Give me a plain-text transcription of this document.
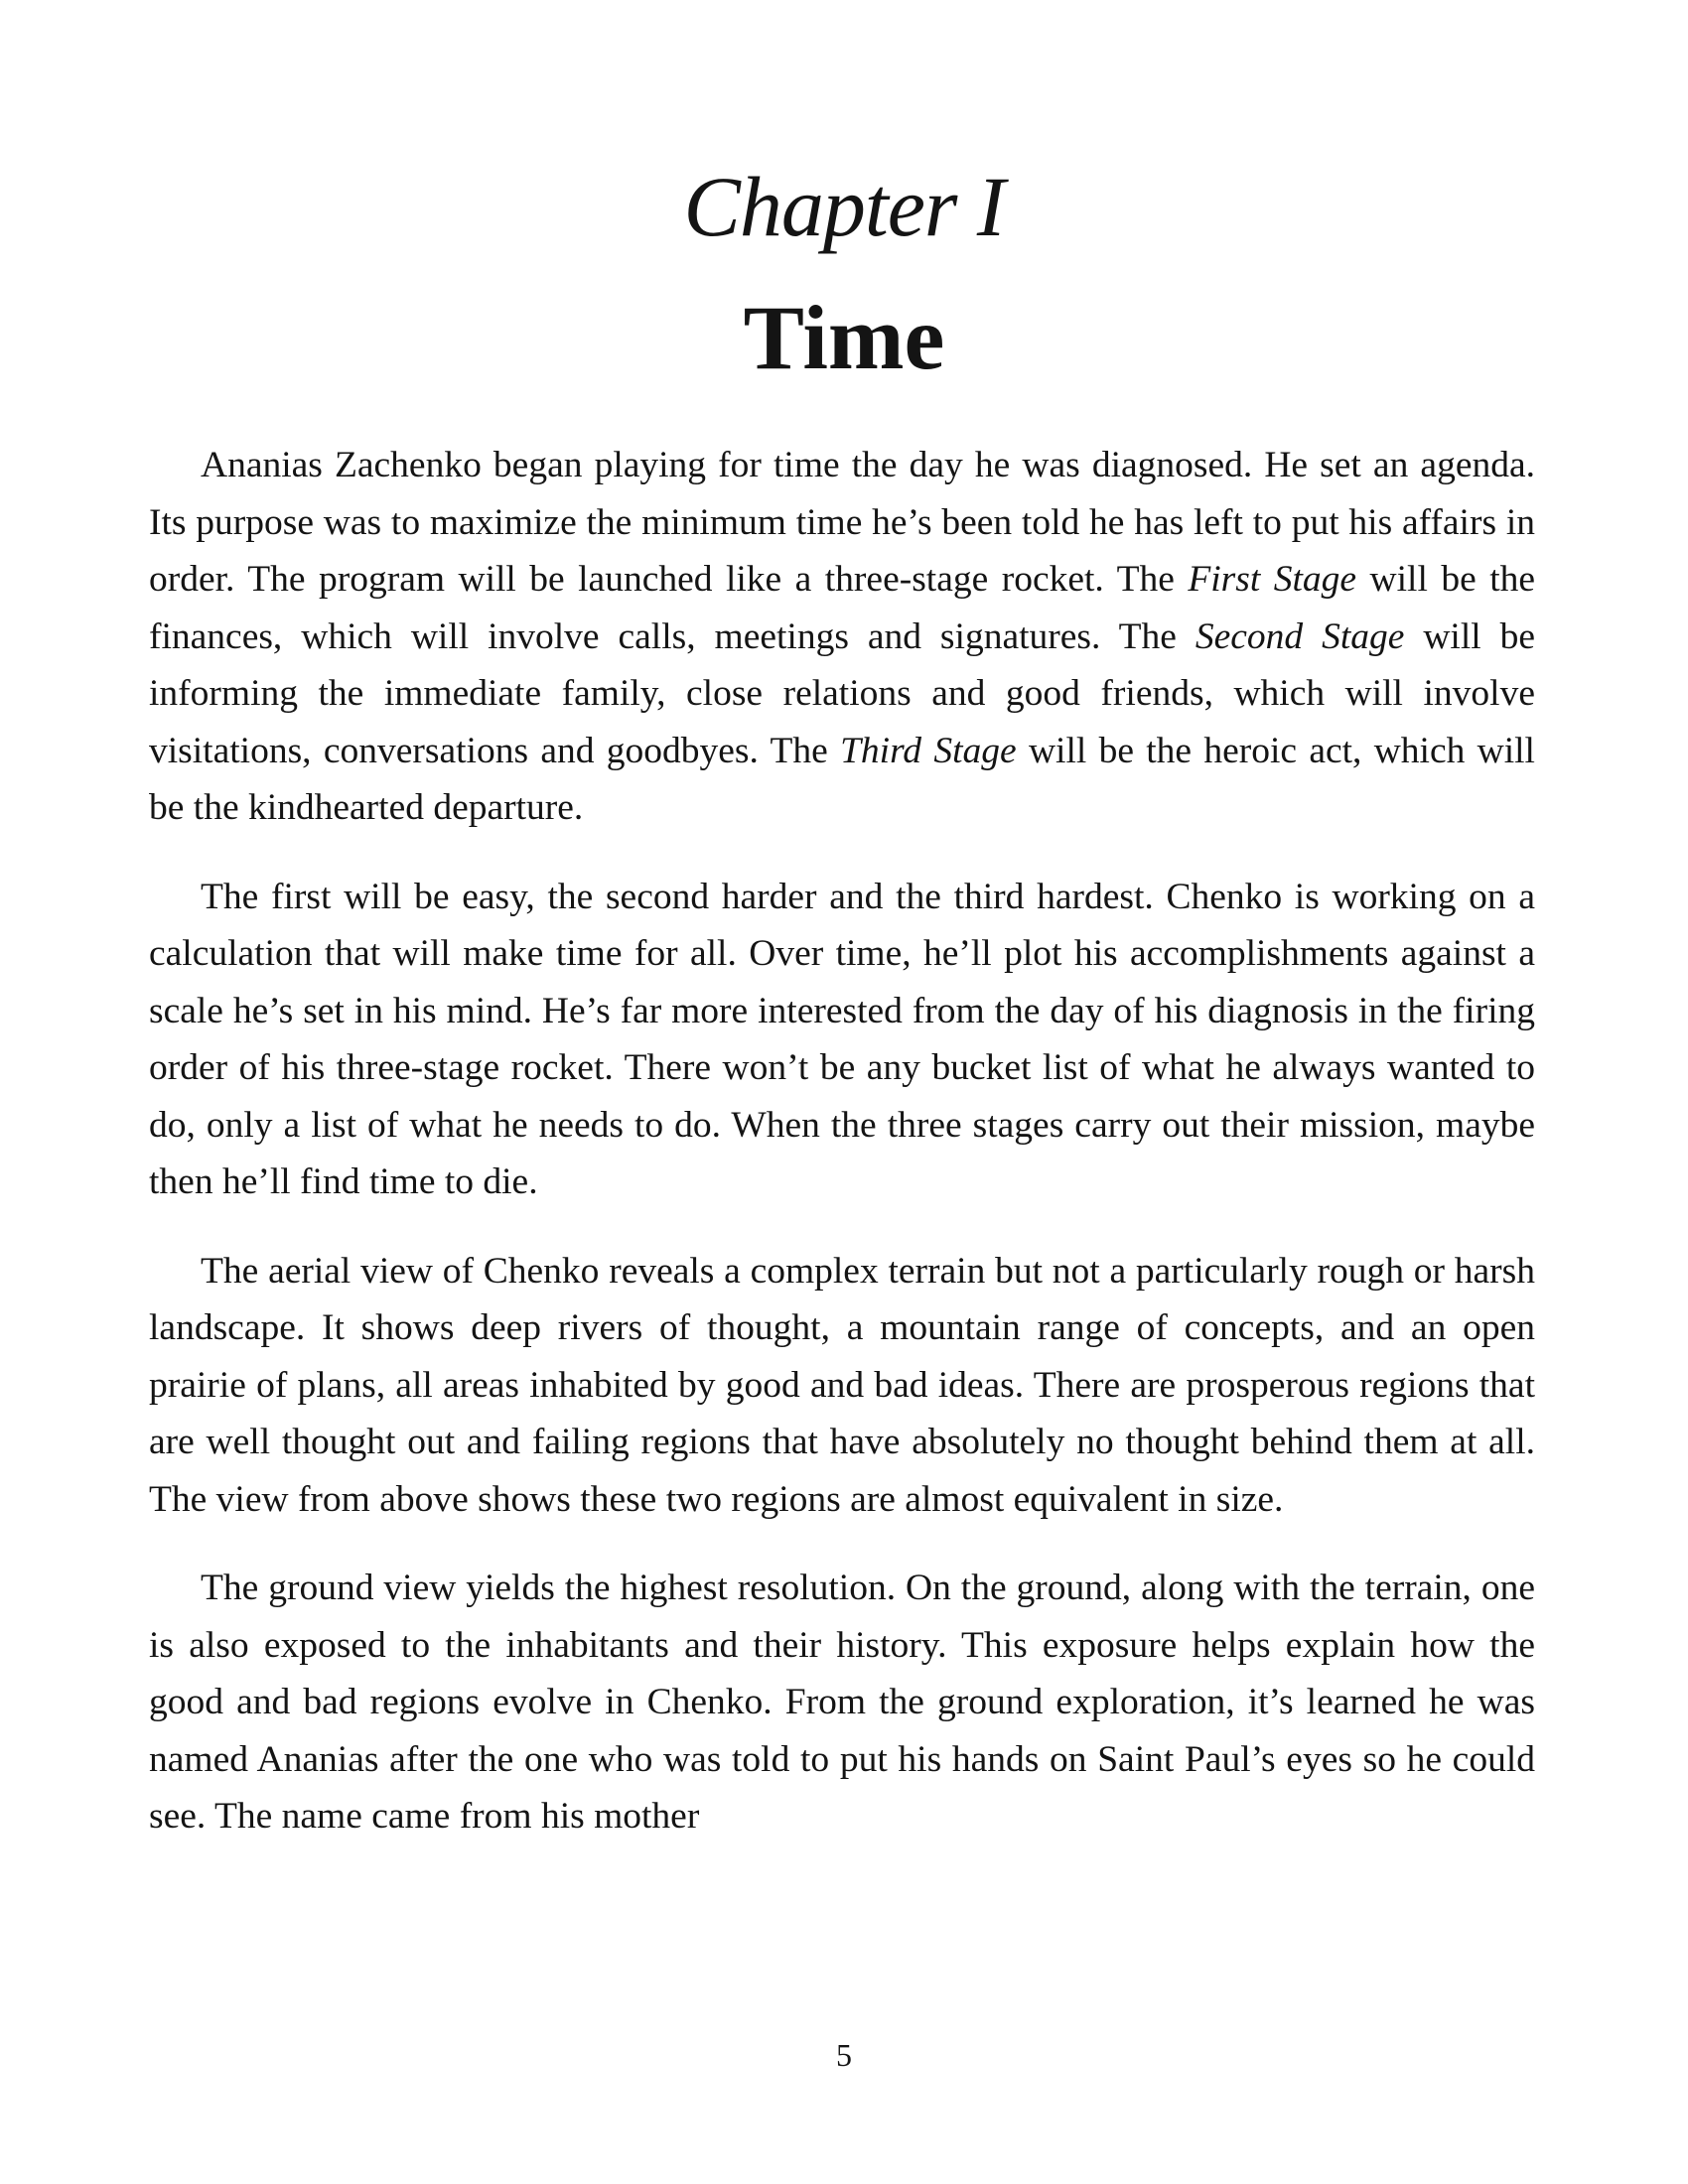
Chapter I
Time

Ananias Zachenko began playing for time the day he was diagnosed. He set an agenda. Its purpose was to maximize the minimum time he’s been told he has left to put his affairs in order. The program will be launched like a three-stage rocket. The First Stage will be the finances, which will involve calls, meetings and signatures. The Second Stage will be informing the immediate family, close relations and good friends, which will involve visitations, conversations and goodbyes. The Third Stage will be the heroic act, which will be the kindhearted departure.

The first will be easy, the second harder and the third hardest. Chenko is working on a calculation that will make time for all. Over time, he’ll plot his accomplishments against a scale he’s set in his mind. He’s far more interested from the day of his diagnosis in the firing order of his three-stage rocket. There won’t be any bucket list of what he always wanted to do, only a list of what he needs to do. When the three stages carry out their mission, maybe then he’ll find time to die.

The aerial view of Chenko reveals a complex terrain but not a particularly rough or harsh landscape. It shows deep rivers of thought, a mountain range of concepts, and an open prairie of plans, all areas inhabited by good and bad ideas. There are prosperous regions that are well thought out and failing regions that have absolutely no thought behind them at all. The view from above shows these two regions are almost equivalent in size.

The ground view yields the highest resolution. On the ground, along with the terrain, one is also exposed to the inhabitants and their history. This exposure helps explain how the good and bad regions evolve in Chenko. From the ground exploration, it’s learned he was named Ananias after the one who was told to put his hands on Saint Paul’s eyes so he could see. The name came from his mother

5
